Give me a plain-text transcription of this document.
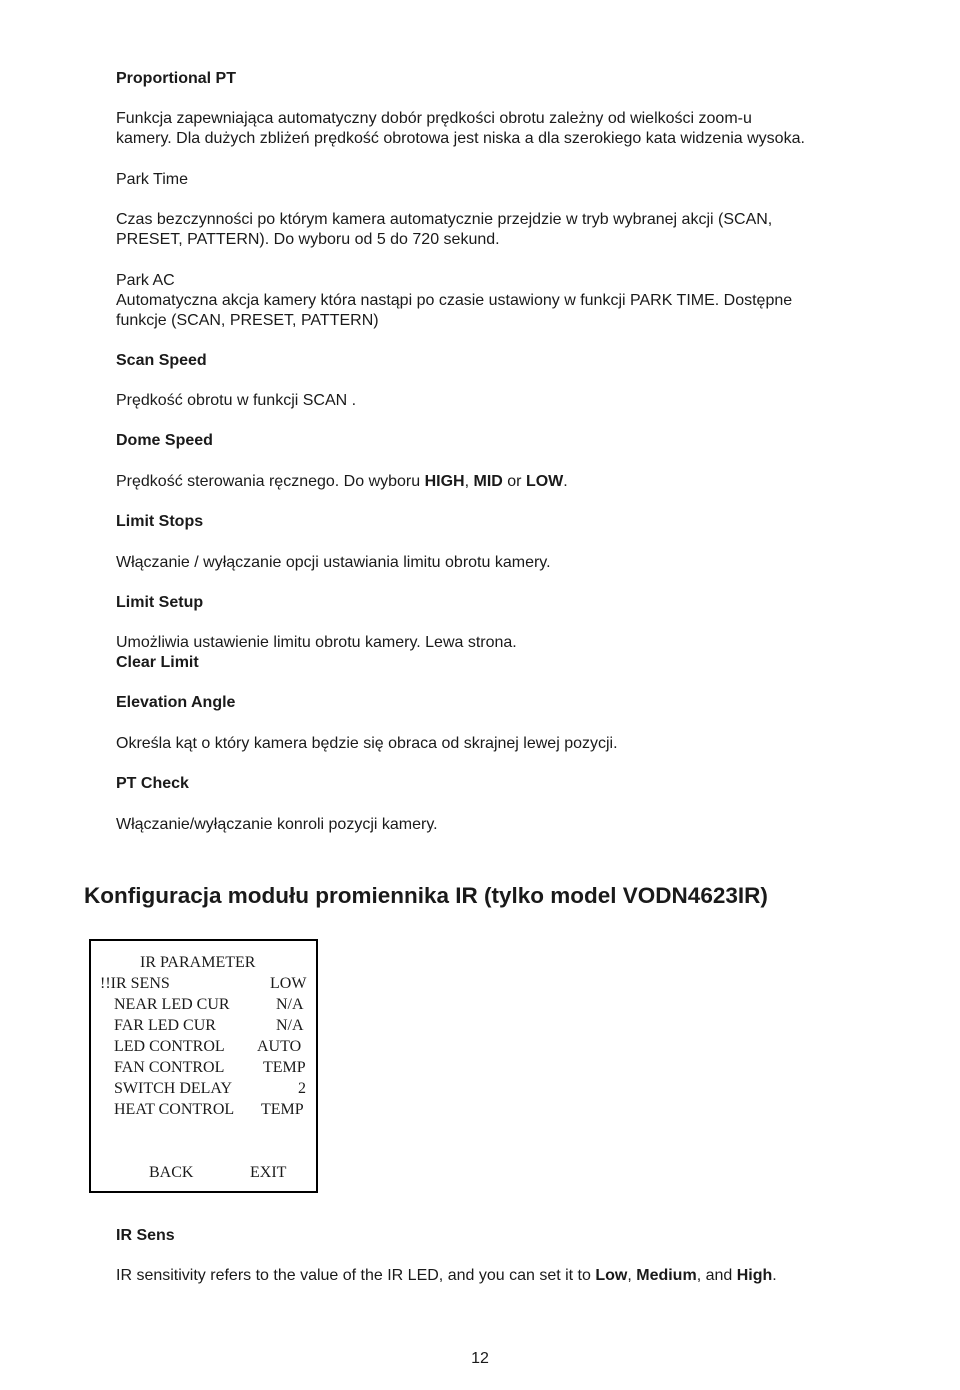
Proportional PT
Funkcja zapewniająca automatyczny dobór prędkości obrotu zależny od wielkości zoom-u
kamery. Dla dużych zbliżeń prędkość obrotowa jest niska a dla szerokiego kata widzenia wysoka.
Park Time
Czas bezczynności po którym kamera automatycznie przejdzie w tryb wybranej akcji (SCAN,
PRESET, PATTERN). Do wyboru od 5 do 720 sekund.
Park AC
Automatyczna akcja kamery która nastąpi po czasie ustawiony w funkcji PARK TIME. Dostępne
funkcje (SCAN, PRESET, PATTERN)
Scan Speed
Prędkość obrotu w funkcji SCAN .
Dome Speed
Prędkość sterowania ręcznego. Do wyboru HIGH, MID or LOW.
Limit Stops
Włączanie / wyłączanie opcji ustawiania limitu obrotu kamery.
Limit Setup
Umożliwia ustawienie limitu obrotu kamery. Lewa strona.
Clear Limit
Elevation Angle
Określa kąt o który kamera będzie się obraca od skrajnej lewej pozycji.
PT Check
Włączanie/wyłączanie konroli pozycji kamery.
Konfiguracja modułu promiennika IR (tylko model VODN4623IR)
IR PARAMETER
!!IR SENS	LOW
NEAR LED CUR	N/A
FAR LED CUR	N/A
LED CONTROL AUTO
FAN CONTROL TEMP
SWITCH DELAY	2
HEAT CONTROL TEMP
BACK	EXIT
IR Sens
IR sensitivity refers to the value of the IR LED, and you can set it to Low, Medium, and High.
12
